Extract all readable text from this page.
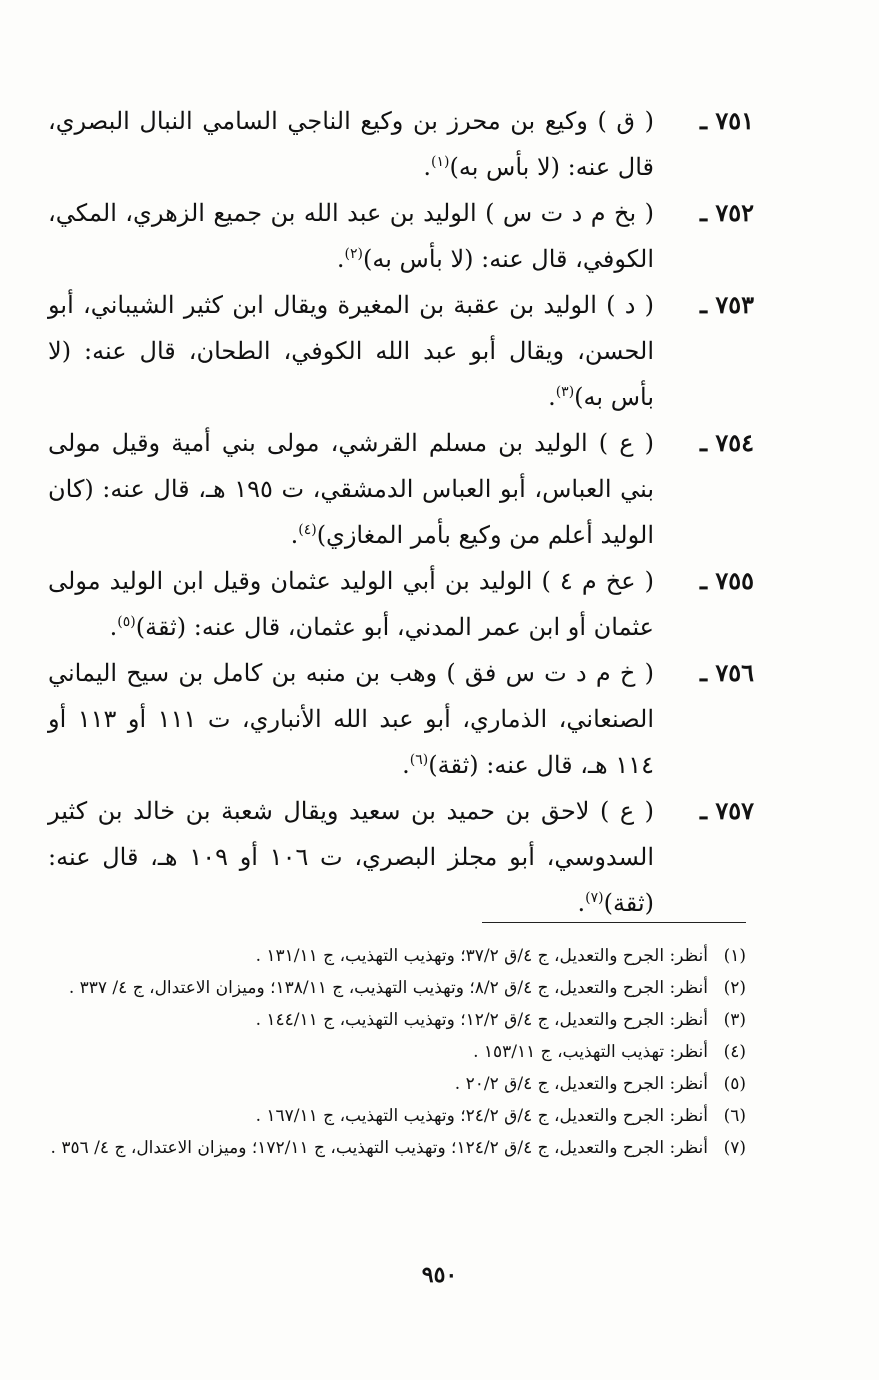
٧٥١ ـ
( ق ) وكيع بن محرز بن وكيع الناجي السامي النبال البصري، قال عنه: (لا بأس به)$^{(١)}$.
٧٥٢ ـ
( بخ م د ت س ) الوليد بن عبد الله بن جميع الزهري، المكي، الكوفي، قال عنه: (لا بأس به)$^{(٢)}$.
٧٥٣ ـ
( د ) الوليد بن عقبة بن المغيرة ويقال ابن كثير الشيباني، أبو الحسن، ويقال أبو عبد الله الكوفي، الطحان، قال عنه: (لا بأس به)$^{(٣)}$.
٧٥٤ ـ
( ع ) الوليد بن مسلم القرشي، مولى بني أمية وقيل مولى بني العباس، أبو العباس الدمشقي، ت ١٩٥ هـ، قال عنه: (كان الوليد أعلم من وكيع بأمر المغازي)$^{(٤)}$.
٧٥٥ ـ
( عخ م ٤ ) الوليد بن أبي الوليد عثمان وقيل ابن الوليد مولى عثمان أو ابن عمر المدني، أبو عثمان، قال عنه: (ثقة)$^{(٥)}$.
٧٥٦ ـ
( خ م د ت س فق ) وهب بن منبه بن كامل بن سيح اليماني الصنعاني، الذماري، أبو عبد الله الأنباري، ت ١١١ أو ١١٣ أو ١١٤ هـ، قال عنه: (ثقة)$^{(٦)}$.
٧٥٧ ـ
( ع ) لاحق بن حميد بن سعيد ويقال شعبة بن خالد بن كثير السدوسي، أبو مجلز البصري، ت ١٠٦ أو ١٠٩ هـ، قال عنه: (ثقة)$^{(٧)}$.
(١)
أنظر: الجرح والتعديل، ج ٤/ق ٣٧/٢؛ وتهذيب التهذيب، ج ١٣١/١١ .
(٢)
أنظر: الجرح والتعديل، ج ٤/ق ٨/٢؛ وتهذيب التهذيب، ج ١٣٨/١١؛ وميزان الاعتدال، ج ٤/ ٣٣٧ .
(٣)
أنظر: الجرح والتعديل، ج ٤/ق ١٢/٢؛ وتهذيب التهذيب، ج ١٤٤/١١ .
(٤)
أنظر: تهذيب التهذيب، ج ١٥٣/١١ .
(٥)
أنظر: الجرح والتعديل، ج ٤/ق ٢٠/٢ .
(٦)
أنظر: الجرح والتعديل، ج ٤/ق ٢٤/٢؛ وتهذيب التهذيب، ج ١٦٧/١١ .
(٧)
أنظر: الجرح والتعديل، ج ٤/ق ١٢٤/٢؛ وتهذيب التهذيب، ج ١٧٢/١١؛ وميزان الاعتدال، ج ٤/ ٣٥٦ .
٩٥٠
